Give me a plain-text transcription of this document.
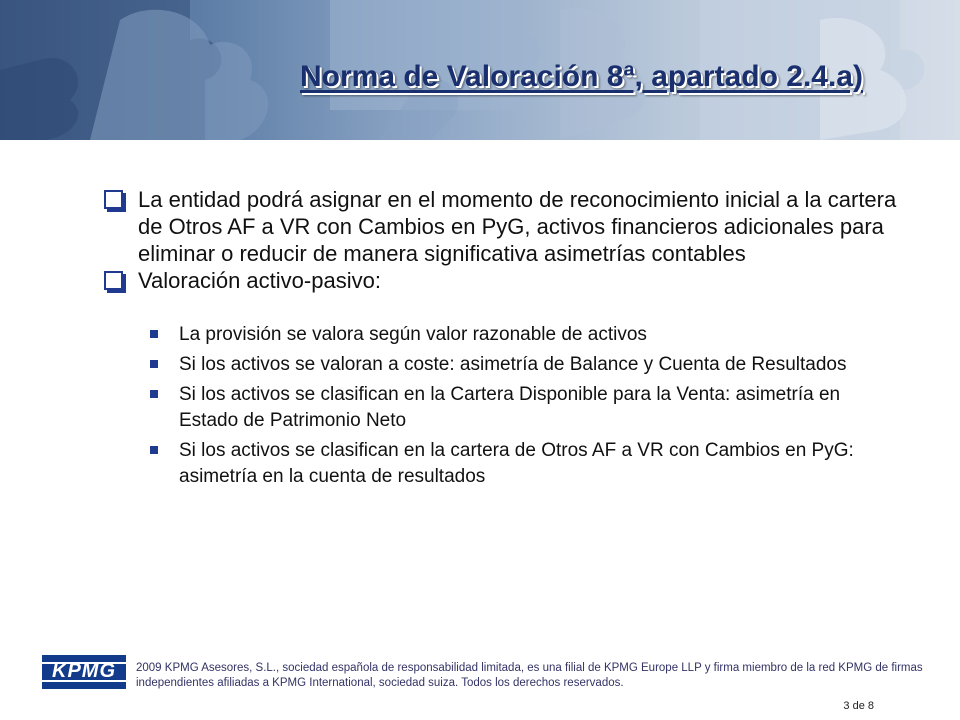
Norma de Valoración 8ª, apartado 2.4.a)
La entidad podrá asignar en el momento de reconocimiento inicial a la cartera de Otros AF a VR con Cambios en PyG, activos financieros adicionales para eliminar o reducir de manera significativa asimetrías contables
Valoración activo-pasivo:
La provisión se valora según valor razonable de activos
Si los activos se valoran a coste: asimetría de Balance y Cuenta de Resultados
Si los activos se clasifican en la Cartera Disponible para la Venta: asimetría en Estado de Patrimonio Neto
Si los activos se clasifican en la cartera de Otros AF a VR con Cambios en PyG: asimetría en la cuenta de resultados
KPMG	2009 KPMG Asesores, S.L., sociedad española de responsabilidad limitada, es una filial de KPMG Europe LLP y firma miembro de la red KPMG de firmas independientes afiliadas a KPMG International, sociedad suiza. Todos los derechos reservados.
3 de 8
